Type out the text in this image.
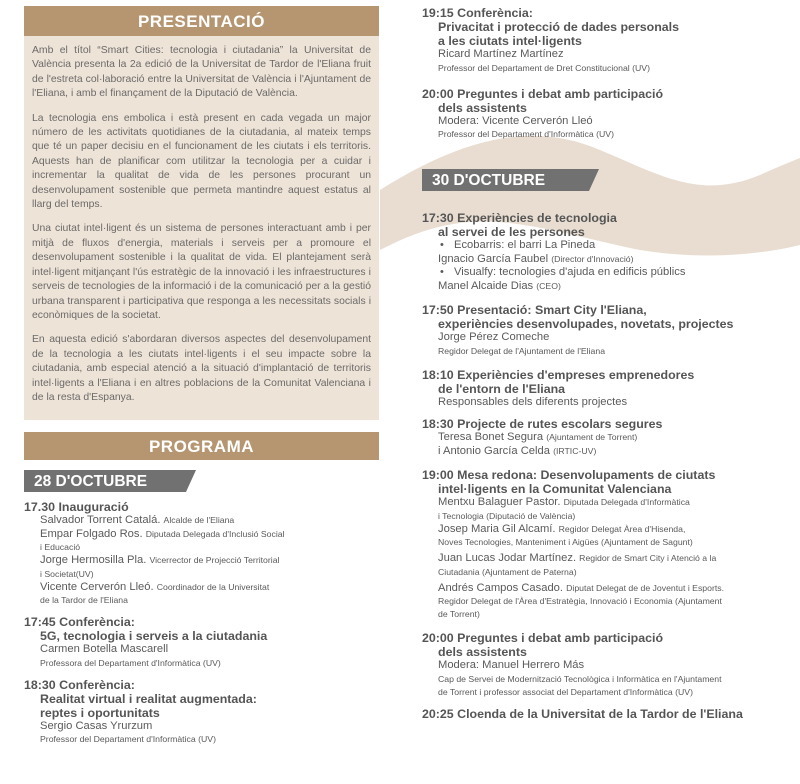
PRESENTACIÓ

Amb el títol “Smart Cities: tecnologia i ciutadania” la Universitat de València presenta la 2a edició de la Universitat de Tardor de l'Eliana fruit de l'estreta col·laboració entre la Universitat de València i l'Ajuntament de l'Eliana, i amb el finançament de la Diputació de València.

La tecnologia ens embolica i està present en cada vegada un major número de les activitats quotidianes de la ciutadania, al mateix temps que té un paper decisiu en el funcionament de les ciutats i els territoris. Aquests han de planificar com utilitzar la tecnologia per a cuidar i incrementar la qualitat de vida de les persones procurant un desenvolupament sostenible que permeta mantindre aquest estatus al llarg del temps.

Una ciutat intel·ligent és un sistema de persones interactuant amb i per mitjà de fluxos d'energia, materials i serveis per a promoure el desenvolupament sostenible i la qualitat de vida. El plantejament serà intel·ligent mitjançant l'ús estratègic de la innovació i les infraestructures i serveis de tecnologies de la informació i de la comunicació per a la gestió urbana transparent i participativa que responga a les necessitats socials i econòmiques de la societat.

En aquesta edició s'abordaran diversos aspectes del desenvolupament de la tecnologia a les ciutats intel·ligents i el seu impacte sobre la ciutadania, amb especial atenció a la situació d'implantació de territoris intel·ligents a l'Eliana i en altres poblacions de la Comunitat Valenciana i de la resta d'Espanya.

PROGRAMA
28 D'OCTUBRE
17.30 Inauguració
Salvador Torrent Catalá. Alcalde de l'Eliana
Empar Folgado Ros. Diputada Delegada d'Inclusió Social
i Educació
Jorge Hermosilla Pla. Vicerrector de Projecció Territorial
i Societat(UV)
Vicente Cerverón Lleó. Coordinador de la Universitat
de la Tardor de l'Eliana
17:45 Conferència:
5G, tecnologia i serveis a la ciutadania
Carmen Botella Mascarell
Professora del Departament d'Informàtica (UV)
18:30 Conferència:
Realitat virtual i realitat augmentada:
reptes i oportunitats
Sergio Casas Yrurzum
Professor del Departament d'Informàtica (UV)
19:15 Conferència:
Privacitat i protecció de dades personals
a les ciutats intel·ligents
Ricard Martínez Martínez
Professor del Departament de Dret Constitucional (UV)
20:00 Preguntes i debat amb participació
dels assistents
Modera: Vicente Cerverón Lleó
Professor del Departament d'Informàtica (UV)
30 D'OCTUBRE
17:30 Experiències de tecnologia
al servei de les persones
• Ecobarris: el barri La Pineda
Ignacio García Faubel (Director d'Innovació)
• Visualfy: tecnologies d'ajuda en edificis públics
Manel Alcaide Dias (CEO)
17:50 Presentació: Smart City l'Eliana,
experiències desenvolupades, novetats, projectes
Jorge Pérez Comeche
Regidor Delegat de l'Ajuntament de l'Eliana
18:10 Experiències d'empreses emprenedores
de l'entorn de l'Eliana
Responsables dels diferents projectes
18:30 Projecte de rutes escolars segures
Teresa Bonet Segura (Ajuntament de Torrent)
i Antonio García Celda (IRTIC-UV)
19:00 Mesa redona: Desenvolupaments de ciutats
intel·ligents en la Comunitat Valenciana
Mentxu Balaguer Pastor. Diputada Delegada d'Informàtica
i Tecnologia (Diputació de València)
Josep Maria Gil Alcamí. Regidor Delegat Àrea d'Hisenda,
Noves Tecnologies, Manteniment i Aigües (Ajuntament de Sagunt)
Juan Lucas Jodar Martínez. Regidor de Smart City i Atenció a la
Ciutadania (Ajuntament de Paterna)
Andrés Campos Casado. Diputat Delegat de de Joventut i Esports.
Regidor Delegat de l'Àrea d'Estratègia, Innovació i Economia (Ajuntament
de Torrent)
20:00 Preguntes i debat amb participació
dels assistents
Modera: Manuel Herrero Más
Cap de Servei de Modernització Tecnològica i Informàtica en l'Ajuntament
de Torrent i professor associat del Departament d'Informàtica (UV)
20:25 Cloenda de la Universitat de la Tardor de l'Eliana
